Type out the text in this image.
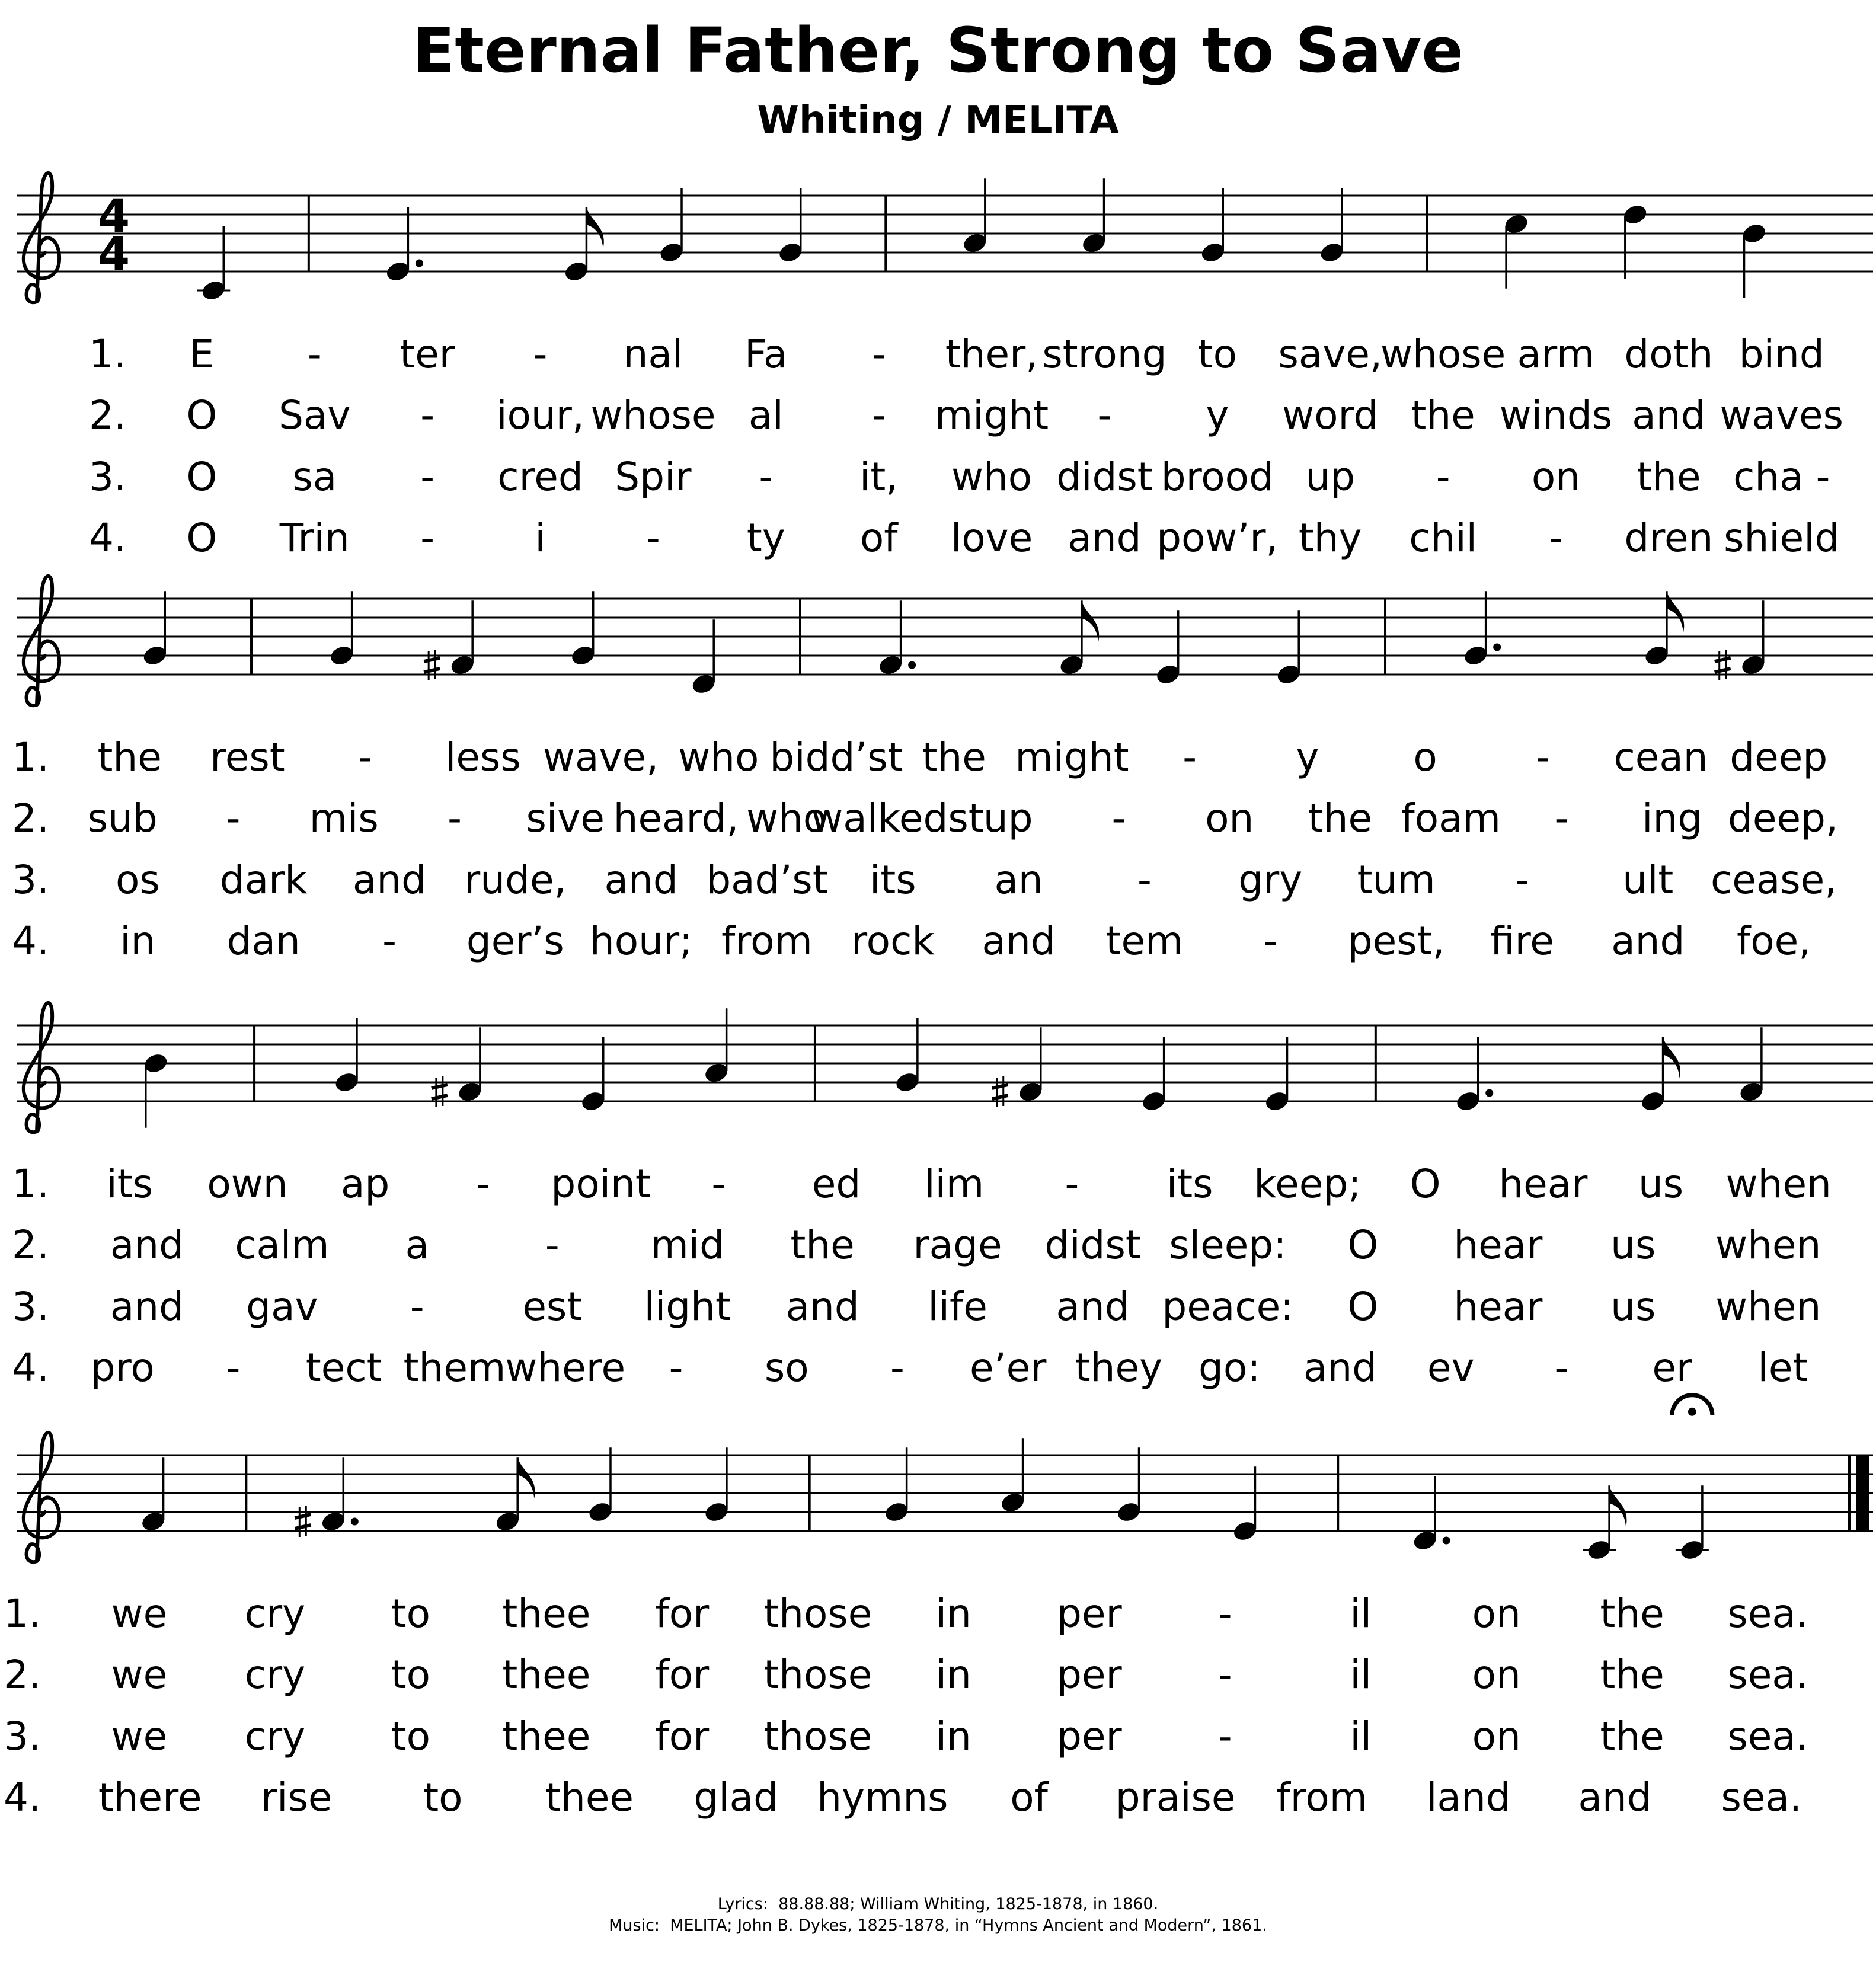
Eternal Father, Strong to Save
Whiting / MELITA
4
4
1. E - ter - nal Fa - ther, strong to save,
whose arm doth bind
2. O Sav - iour, whose al - might - y word the winds and waves
3. O sa - cred Spir - it, who didst brood up - on the cha -
4. O Trin -	i	- ty of love and pow’r, thy chil - dren shield
1. the rest - less wave, who bidd’st the might -	y o	- cean deep
2. sub - mis - sive heard, who
walkedst up - on the foam - ing deep,
3. os dark and rude, and bad’st its an - gry tum - ult cease,
4. in dan - ger’s hour; from rock and tem - pest, fire and foe,
1. its own ap - point - ed lim - its keep; O hear us when
2. and calm a	- mid the rage didst sleep: O hear us when
3. and gav -	est light and life and peace: O hear us when
4. pro - tect them where - so - e’er they go: and ev - er let
1. we cry to thee for those in per -	il	on the sea.
2. we cry to thee for those in per -	il	on the sea.
3. we cry to thee for those in per -	il	on the sea.
4. there rise to thee glad hymns of praise from land and sea.
Lyrics:  88.88.88; William Whiting, 1825-1878, in 1860.
Music:  MELITA; John B. Dykes, 1825-1878, in “Hymns Ancient and Modern”, 1861.
